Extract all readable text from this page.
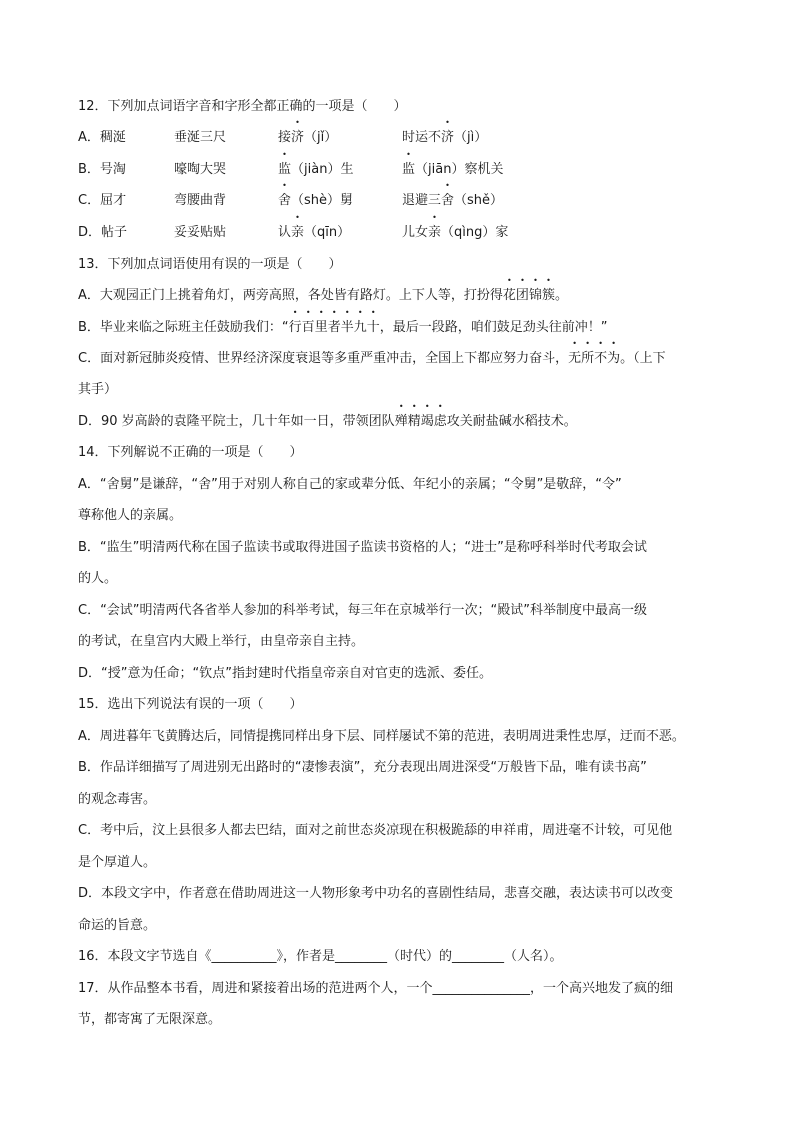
12．下列加点词语字音和字形全都正确的一项是（　　）
A．稠涎	垂涎三尺	接济（jǐ）	时运不济（jì）
B．号淘	嚎啕大哭	监（jiàn）生	监（jiān）察机关
C．屈才	弯腰曲背	舍（shè）舅	退避三舍（shě）
D．帖子	妥妥贴贴	认亲（qīn）	儿女亲（qìng）家
13．下列加点词语使用有误的一项是（　　）
A．大观园正门上挑着角灯，两旁高照，各处皆有路灯。上下人等，打扮得花团锦簇。
B．毕业来临之际班主任鼓励我们：“行百里者半九十，最后一段路，咱们鼓足劲头往前冲！”
C．面对新冠肺炎疫情、世界经济深度衰退等多重严重冲击，全国上下都应努力奋斗，无所不为。（上下
其手）
D．90 岁高龄的袁隆平院士，几十年如一日，带领团队殚精竭虑攻关耐盐碱水稻技术。
14．下列解说不正确的一项是（　　）
A．“舍舅”是谦辞，“舍”用于对别人称自己的家或辈分低、年纪小的亲属；“令舅”是敬辞，“令”
尊称他人的亲属。
B．“监生”明清两代称在国子监读书或取得进国子监读书资格的人；“进士”是称呼科举时代考取会试
的人。
C．“会试”明清两代各省举人参加的科举考试，每三年在京城举行一次；“殿试”科举制度中最高一级
的考试，在皇宫内大殿上举行，由皇帝亲自主持。
D．“授”意为任命；“钦点”指封建时代指皇帝亲自对官吏的选派、委任。
15．选出下列说法有误的一项（　　）
A．周进暮年飞黄腾达后，同情提携同样出身下层、同样屡试不第的范进，表明周进秉性忠厚，迂而不恶。
B．作品详细描写了周进别无出路时的“凄惨表演”，充分表现出周进深受“万般皆下品，唯有读书高”
的观念毒害。
C．考中后，汶上县很多人都去巴结，面对之前世态炎凉现在积极跪舔的申祥甫，周进毫不计较，可见他
是个厚道人。
D．本段文字中，作者意在借助周进这一人物形象考中功名的喜剧性结局，悲喜交融，表达读书可以改变
命运的旨意。
16．本段文字节选自《__________》，作者是________（时代）的________（人名）。
17．从作品整本书看，周进和紧接着出场的范进两个人，一个_______________，一个高兴地发了疯的细
节，都寄寓了无限深意。
